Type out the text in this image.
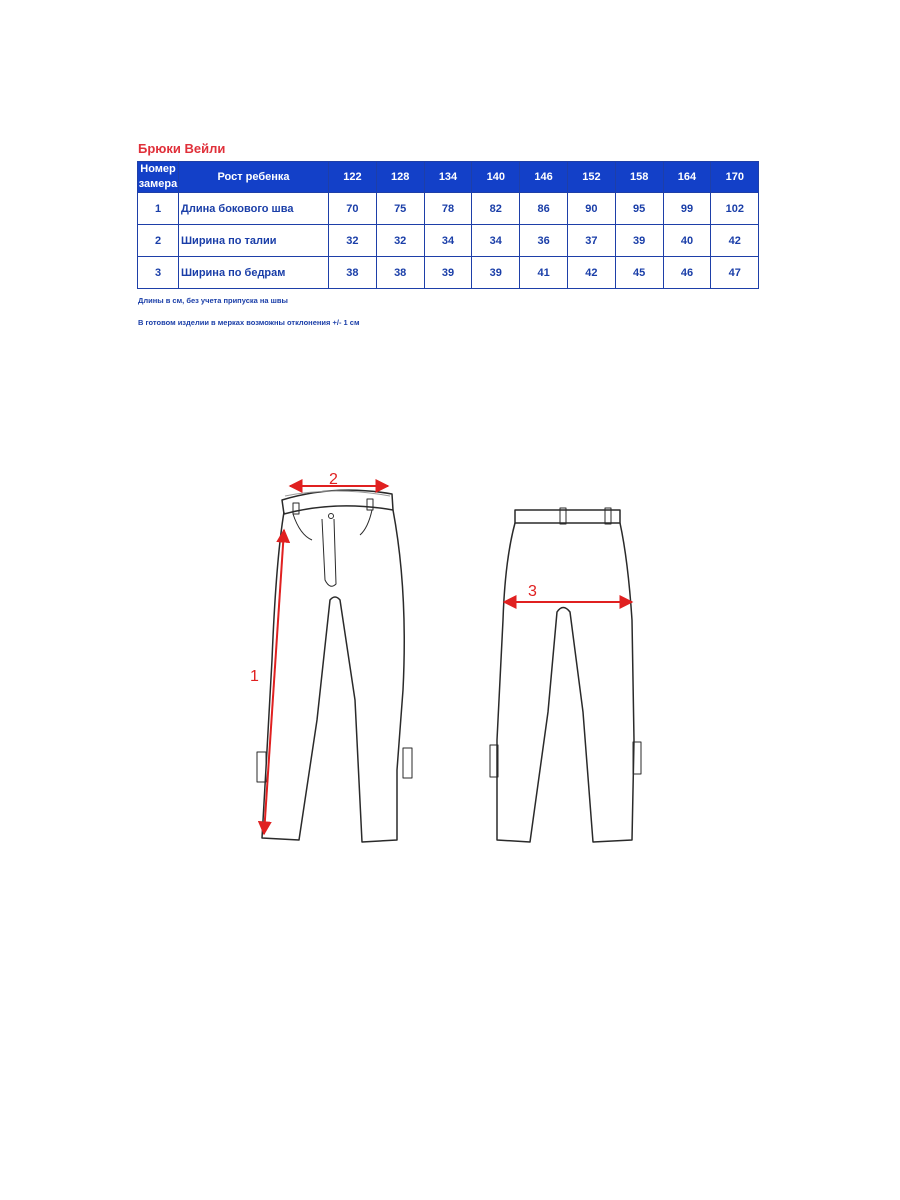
Брюки Вейли
Номер
замера	Рост ребенка	122	128	134	140	146	152	158	164	170
1	Длина бокового шва	70	75	78	82	86	90	95	99	102
2	Ширина по талии	32	32	34	34	36	37	39	40	42
3	Ширина по бедрам	38	38	39	39	41	42	45	46	47

Длины в см, без учета припуска на швы

В готовом изделии в мерках возможны отклонения +/- 1 см

2
1
3
